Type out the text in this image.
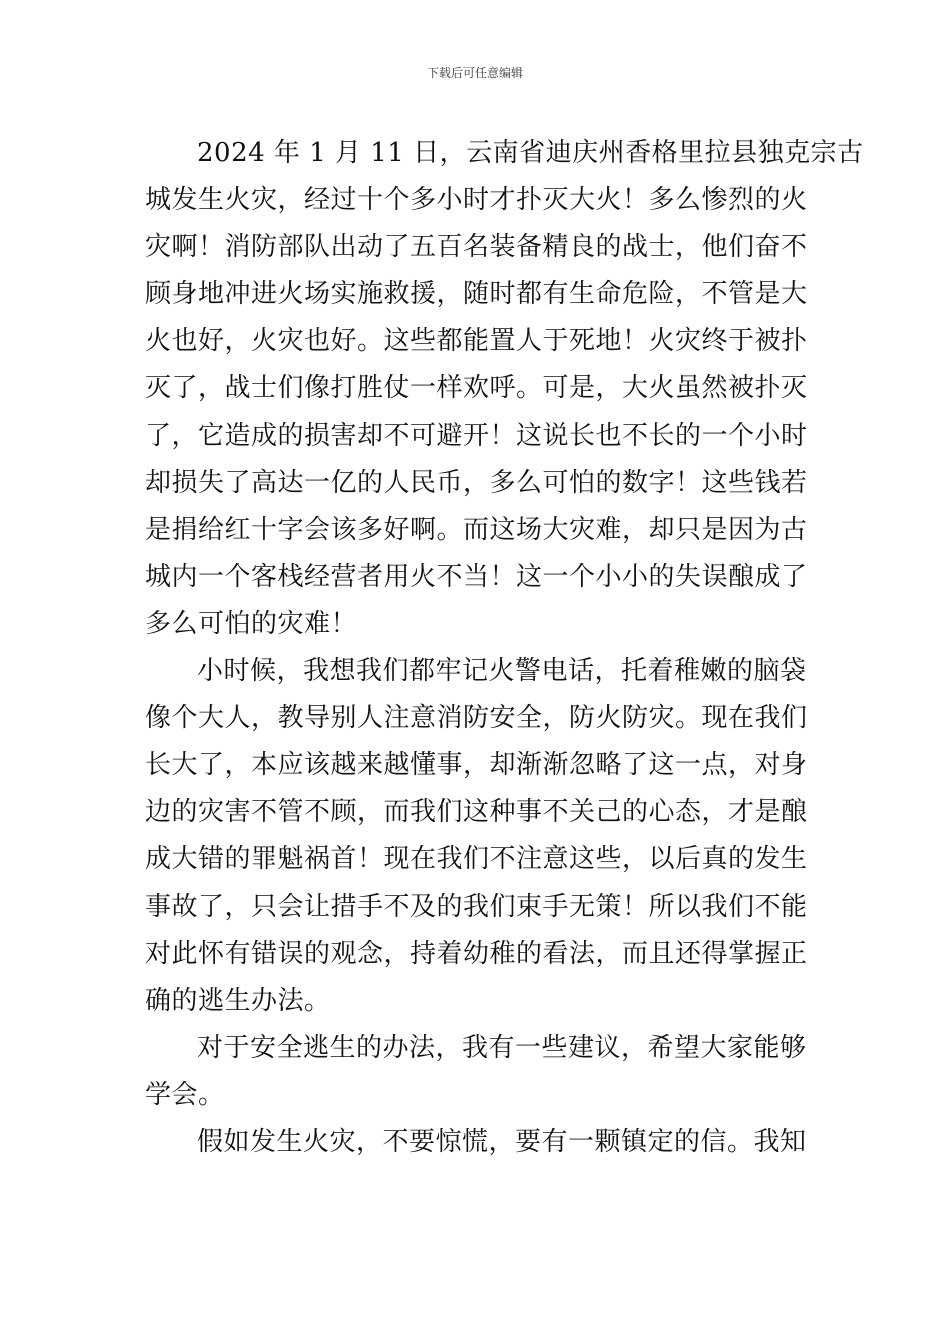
下载后可任意编辑

2024 年 1 月 11 日，云南省迪庆州香格里拉县独克宗古
城发生火灾，经过十个多小时才扑灭大火！多么惨烈的火
灾啊！消防部队出动了五百名装备精良的战士，他们奋不
顾身地冲进火场实施救援，随时都有生命危险，不管是大
火也好，火灾也好。这些都能置人于死地！火灾终于被扑
灭了，战士们像打胜仗一样欢呼。可是，大火虽然被扑灭
了，它造成的损害却不可避开！这说长也不长的一个小时
却损失了高达一亿的人民币，多么可怕的数字！这些钱若
是捐给红十字会该多好啊。而这场大灾难，却只是因为古
城内一个客栈经营者用火不当！这一个小小的失误酿成了
多么可怕的灾难！

小时候，我想我们都牢记火警电话，托着稚嫩的脑袋
像个大人，教导别人注意消防安全，防火防灾。现在我们
长大了，本应该越来越懂事，却渐渐忽略了这一点，对身
边的灾害不管不顾，而我们这种事不关己的心态，才是酿
成大错的罪魁祸首！现在我们不注意这些，以后真的发生
事故了，只会让措手不及的我们束手无策！所以我们不能
对此怀有错误的观念，持着幼稚的看法，而且还得掌握正
确的逃生办法。

对于安全逃生的办法，我有一些建议，希望大家能够
学会。

假如发生火灾，不要惊慌，要有一颗镇定的信。我知
